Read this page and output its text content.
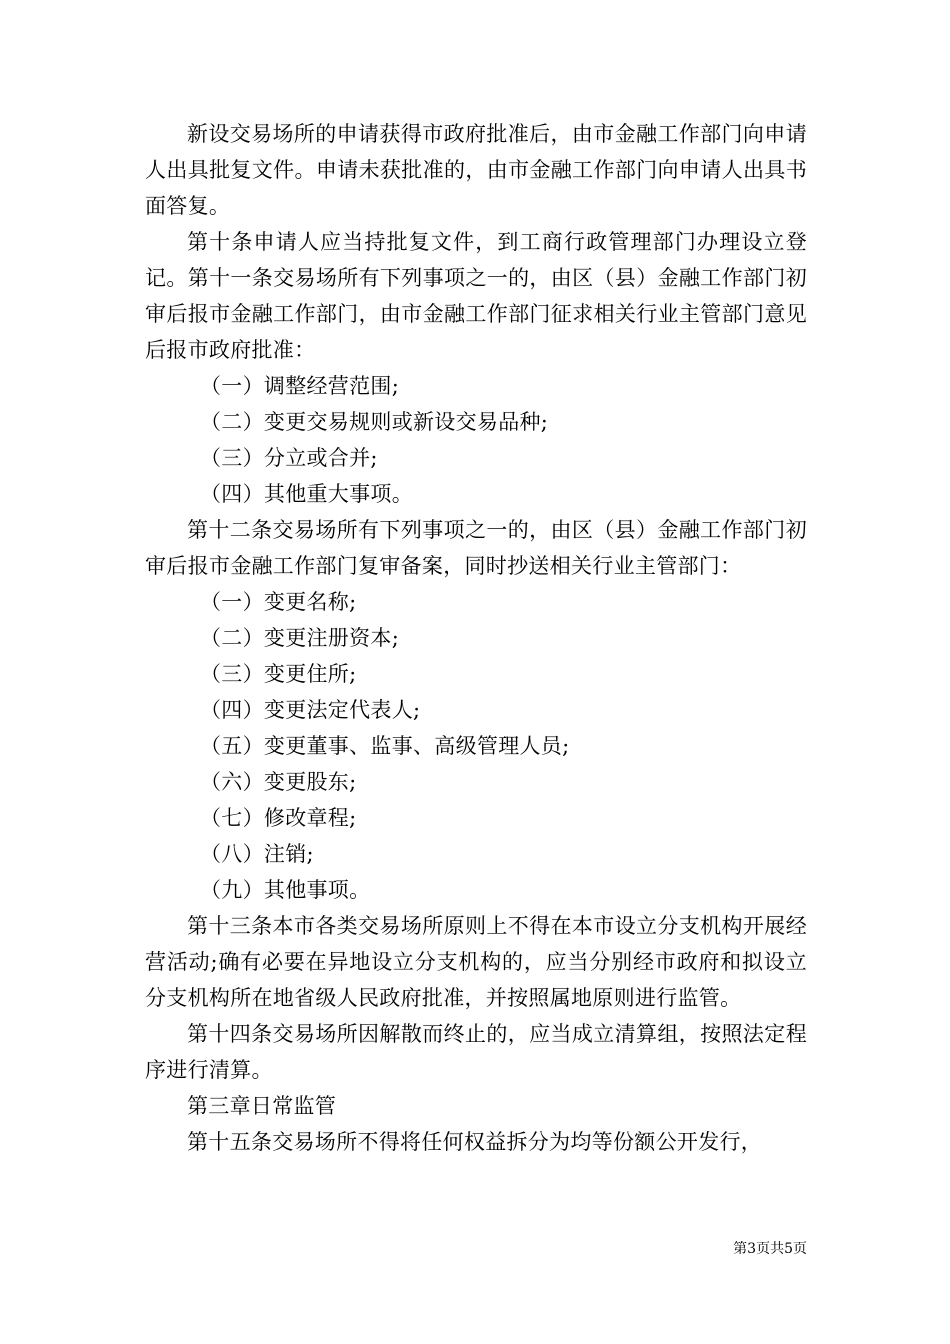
新设交易场所的申请获得市政府批准后，由市金融工作部门向申请人出具批复文件。申请未获批准的，由市金融工作部门向申请人出具书面答复。

第十条申请人应当持批复文件，到工商行政管理部门办理设立登记。第十一条交易场所有下列事项之一的，由区（县）金融工作部门初审后报市金融工作部门，由市金融工作部门征求相关行业主管部门意见后报市政府批准：

（一）调整经营范围;

（二）变更交易规则或新设交易品种;

（三）分立或合并;

（四）其他重大事项。

第十二条交易场所有下列事项之一的，由区（县）金融工作部门初审后报市金融工作部门复审备案，同时抄送相关行业主管部门：

（一）变更名称;

（二）变更注册资本;

（三）变更住所;

（四）变更法定代表人;

（五）变更董事、监事、高级管理人员;

（六）变更股东;

（七）修改章程;

（八）注销;

（九）其他事项。

第十三条本市各类交易场所原则上不得在本市设立分支机构开展经营活动;确有必要在异地设立分支机构的，应当分别经市政府和拟设立分支机构所在地省级人民政府批准，并按照属地原则进行监管。

第十四条交易场所因解散而终止的，应当成立清算组，按照法定程序进行清算。

第三章日常监管

第十五条交易场所不得将任何权益拆分为均等份额公开发行，

第3页共5页
